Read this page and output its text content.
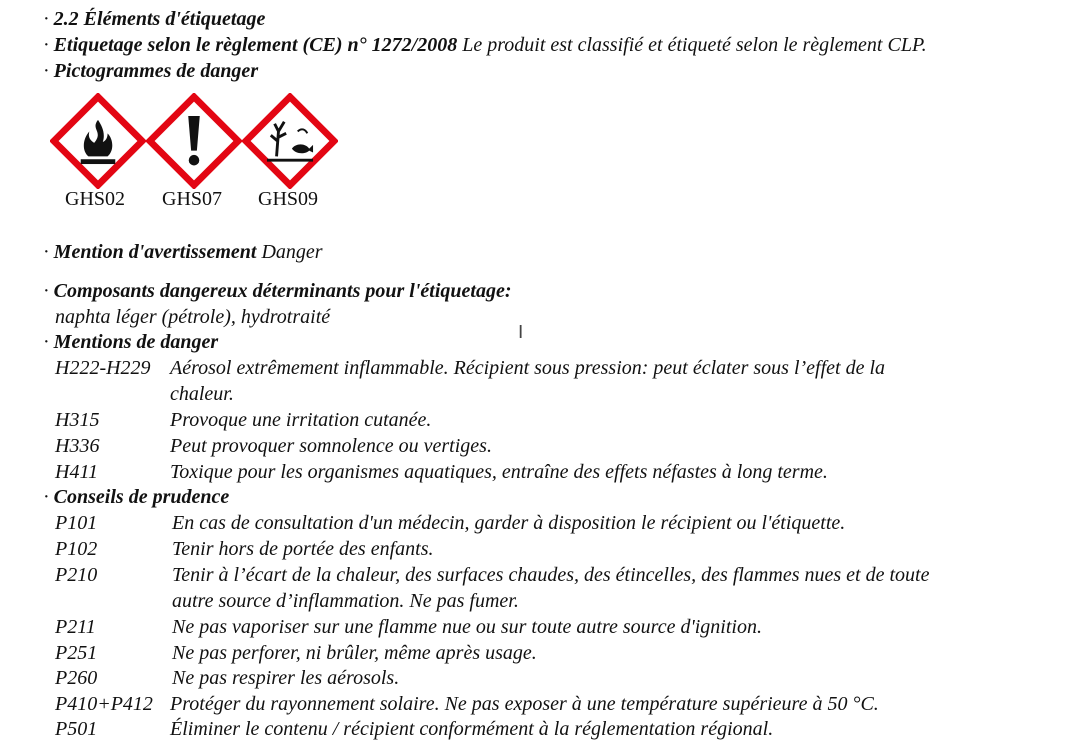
· 2.2 Éléments d'étiquetage
· Etiquetage selon le règlement (CE) n° 1272/2008 Le produit est classifié et étiqueté selon le règlement CLP.
· Pictogrammes de danger
GHS02 GHS07 GHS09
· Mention d'avertissement Danger
· Composants dangereux déterminants pour l'étiquetage:
naphta léger (pétrole), hydrotraité
I
· Mentions de danger
H222-H229 Aérosol extrêmement inflammable. Récipient sous pression: peut éclater sous l’effet de la
chaleur.
H315	Provoque une irritation cutanée.
H336	Peut provoquer somnolence ou vertiges.
H411	Toxique pour les organismes aquatiques, entraîne des effets néfastes à long terme.
· Conseils de prudence
P101	En cas de consultation d'un médecin, garder à disposition le récipient ou l'étiquette.
P102	Tenir hors de portée des enfants.
P210	Tenir à l’écart de la chaleur, des surfaces chaudes, des étincelles, des flammes nues et de toute
autre source d’inflammation. Ne pas fumer.
P211	Ne pas vaporiser sur une flamme nue ou sur toute autre source d'ignition.
P251	Ne pas perforer, ni brûler, même après usage.
P260	Ne pas respirer les aérosols.
P410+P412 Protéger du rayonnement solaire. Ne pas exposer à une température supérieure à 50 °C.
P501	Éliminer le contenu / récipient conformément à la réglementation régional.
